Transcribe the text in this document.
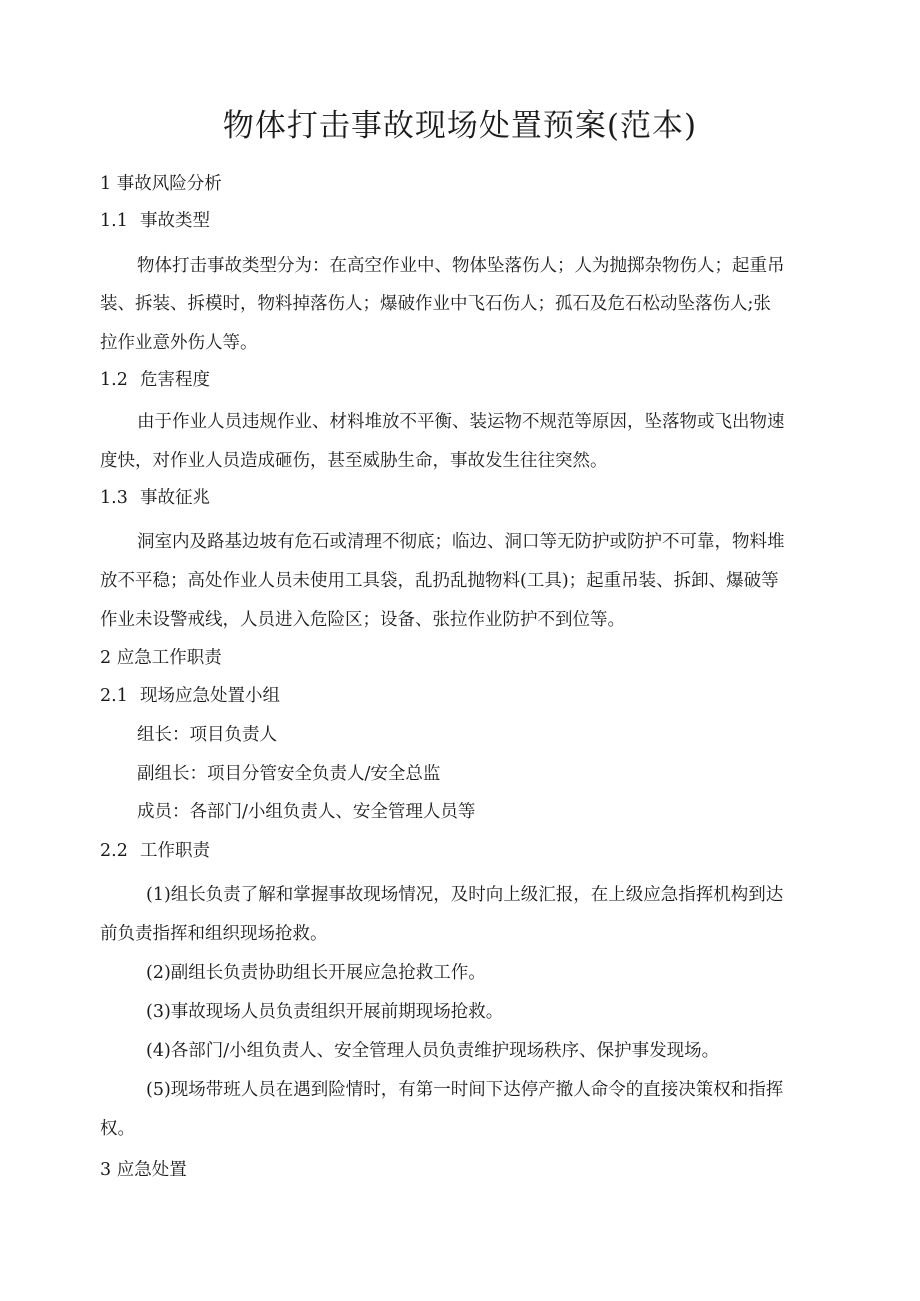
物体打击事故现场处置预案(范本)
1 事故风险分析
1.1 事故类型
物体打击事故类型分为：在高空作业中、物体坠落伤人；人为抛掷杂物伤人；起重吊
装、拆装、拆模时，物料掉落伤人；爆破作业中飞石伤人；孤石及危石松动坠落伤人;张
拉作业意外伤人等。
1.2 危害程度
由于作业人员违规作业、材料堆放不平衡、装运物不规范等原因，坠落物或飞出物速
度快，对作业人员造成砸伤，甚至威胁生命，事故发生往往突然。
1.3 事故征兆
洞室内及路基边坡有危石或清理不彻底；临边、洞口等无防护或防护不可靠，物料堆
放不平稳；高处作业人员未使用工具袋，乱扔乱抛物料(工具)；起重吊装、拆卸、爆破等
作业未设警戒线，人员进入危险区；设备、张拉作业防护不到位等。
2 应急工作职责
2.1 现场应急处置小组
组长：项目负责人
副组长：项目分管安全负责人/安全总监
成员：各部门/小组负责人、安全管理人员等
2.2 工作职责
(1)组长负责了解和掌握事故现场情况，及时向上级汇报，在上级应急指挥机构到达
前负责指挥和组织现场抢救。
(2)副组长负责协助组长开展应急抢救工作。
(3)事故现场人员负责组织开展前期现场抢救。
(4)各部门/小组负责人、安全管理人员负责维护现场秩序、保护事发现场。
(5)现场带班人员在遇到险情时，有第一时间下达停产撤人命令的直接决策权和指挥
权。
3 应急处置
